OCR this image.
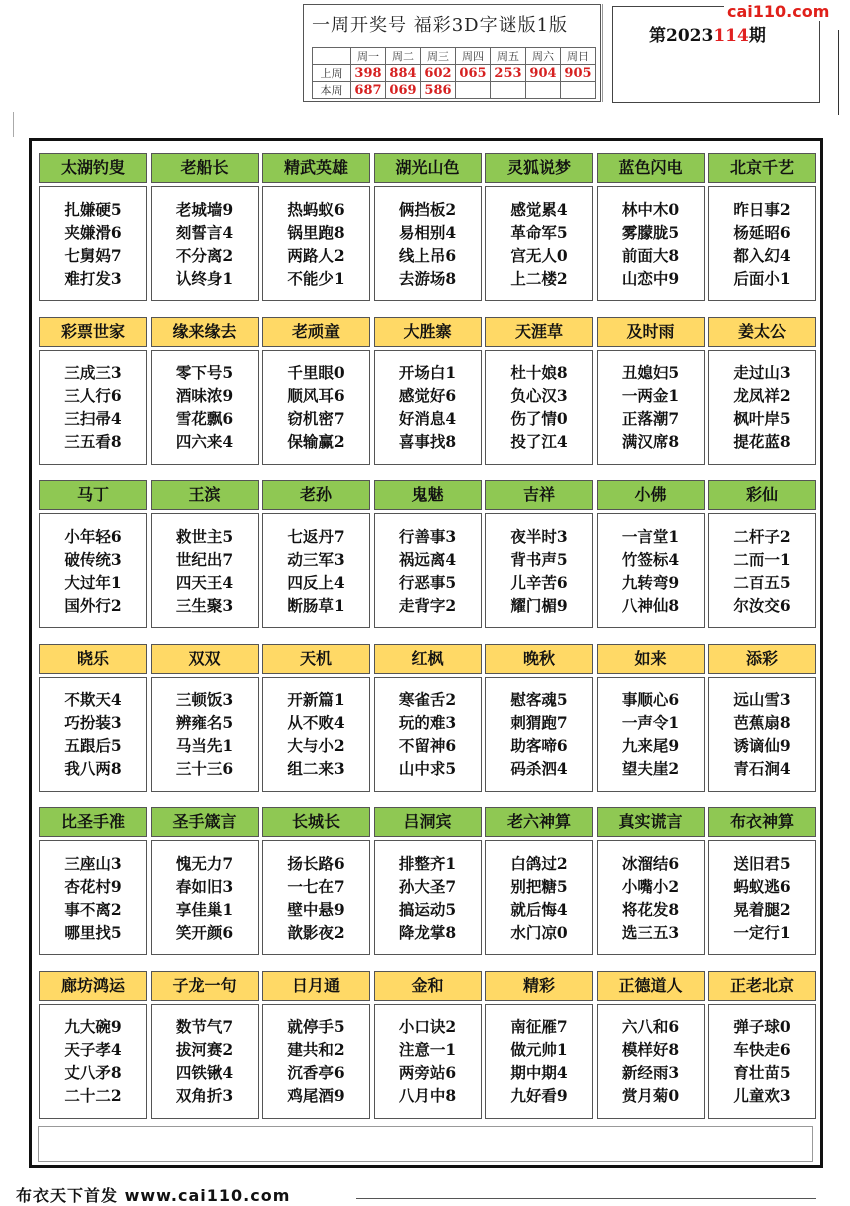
一周开奖号 福彩3D字谜版1版
	周一	周二	周三	周四	周五	周六	周日
上周	398	884	602	065	253	904	905
本周	687	069	586				
第2023114期
cai110.com
太湖钓叟
扎嫌硬5
夹嫌滑6
七舅妈7
难打发3
老船长
老城墙9
刻誓言4
不分离2
认终身1
精武英雄
热蚂蚁6
锅里跑8
两路人2
不能少1
湖光山色
俩挡板2
易相别4
线上吊6
去游场8
灵狐说梦
感觉累4
革命军5
宫无人0
上二楼2
蓝色闪电
林中木0
雾朦胧5
前面大8
山恋中9
北京千艺
昨日事2
杨延昭6
都入幻4
后面小1
彩票世家
三成三3
三人行6
三扫帚4
三五看8
缘来缘去
零下号5
酒味浓9
雪花飘6
四六来4
老顽童
千里眼0
顺风耳6
窃机密7
保输赢2
大胜寨
开场白1
感觉好6
好消息4
喜事找8
天涯草
杜十娘8
负心汉3
伤了情0
投了江4
及时雨
丑媳妇5
一两金1
正落潮7
满汉席8
姜太公
走过山3
龙凤祥2
枫叶岸5
提花蓝8
马丁
小年轻6
破传统3
大过年1
国外行2
王滨
救世主5
世纪出7
四天王4
三生聚3
老孙
七返丹7
动三军3
四反上4
断肠草1
鬼魅
行善事3
祸远离4
行恶事5
走背字2
吉祥
夜半时3
背书声5
儿辛苦6
耀门楣9
小佛
一言堂1
竹签标4
九转弯9
八神仙8
彩仙
二杆子2
二而一1
二百五5
尔汝交6
晓乐
不欺天4
巧扮装3
五跟后5
我八两8
双双
三顿饭3
辨雍名5
马当先1
三十三6
天机
开新篇1
从不败4
大与小2
组二来3
红枫
寒雀舌2
玩的难3
不留神6
山中求5
晚秋
慰客魂5
刺猬跑7
助客啼6
码杀泗4
如来
事顺心6
一声令1
九来尾9
望夫崖2
添彩
远山雪3
芭蕉扇8
诱谪仙9
青石涧4
比圣手准
三座山3
杏花村9
事不离2
哪里找5
圣手箴言
愧无力7
春如旧3
享佳巢1
笑开颜6
长城长
扬长路6
一七在7
壁中悬9
歆影夜2
吕洞宾
排整齐1
孙大圣7
搞运动5
降龙掌8
老六神算
白鸽过2
别把糖5
就后悔4
水门凉0
真实谎言
冰溜结6
小嘴小2
将花发8
选三五3
布衣神算
送旧君5
蚂蚁逃6
晃着腿2
一定行1
廊坊鸿运
九大碗9
天子孝4
丈八矛8
二十二2
子龙一句
数节气7
拔河赛2
四铁锹4
双角折3
日月通
就停手5
建共和2
沉香亭6
鸡尾酒9
金和
小口诀2
注意一1
两旁站6
八月中8
精彩
南征雁7
做元帅1
期中期4
九好看9
正德道人
六八和6
模样好8
新经雨3
赏月菊0
正老北京
弹子球0
车快走6
育壮苗5
儿童欢3
布衣天下首发 www.cai110.com
